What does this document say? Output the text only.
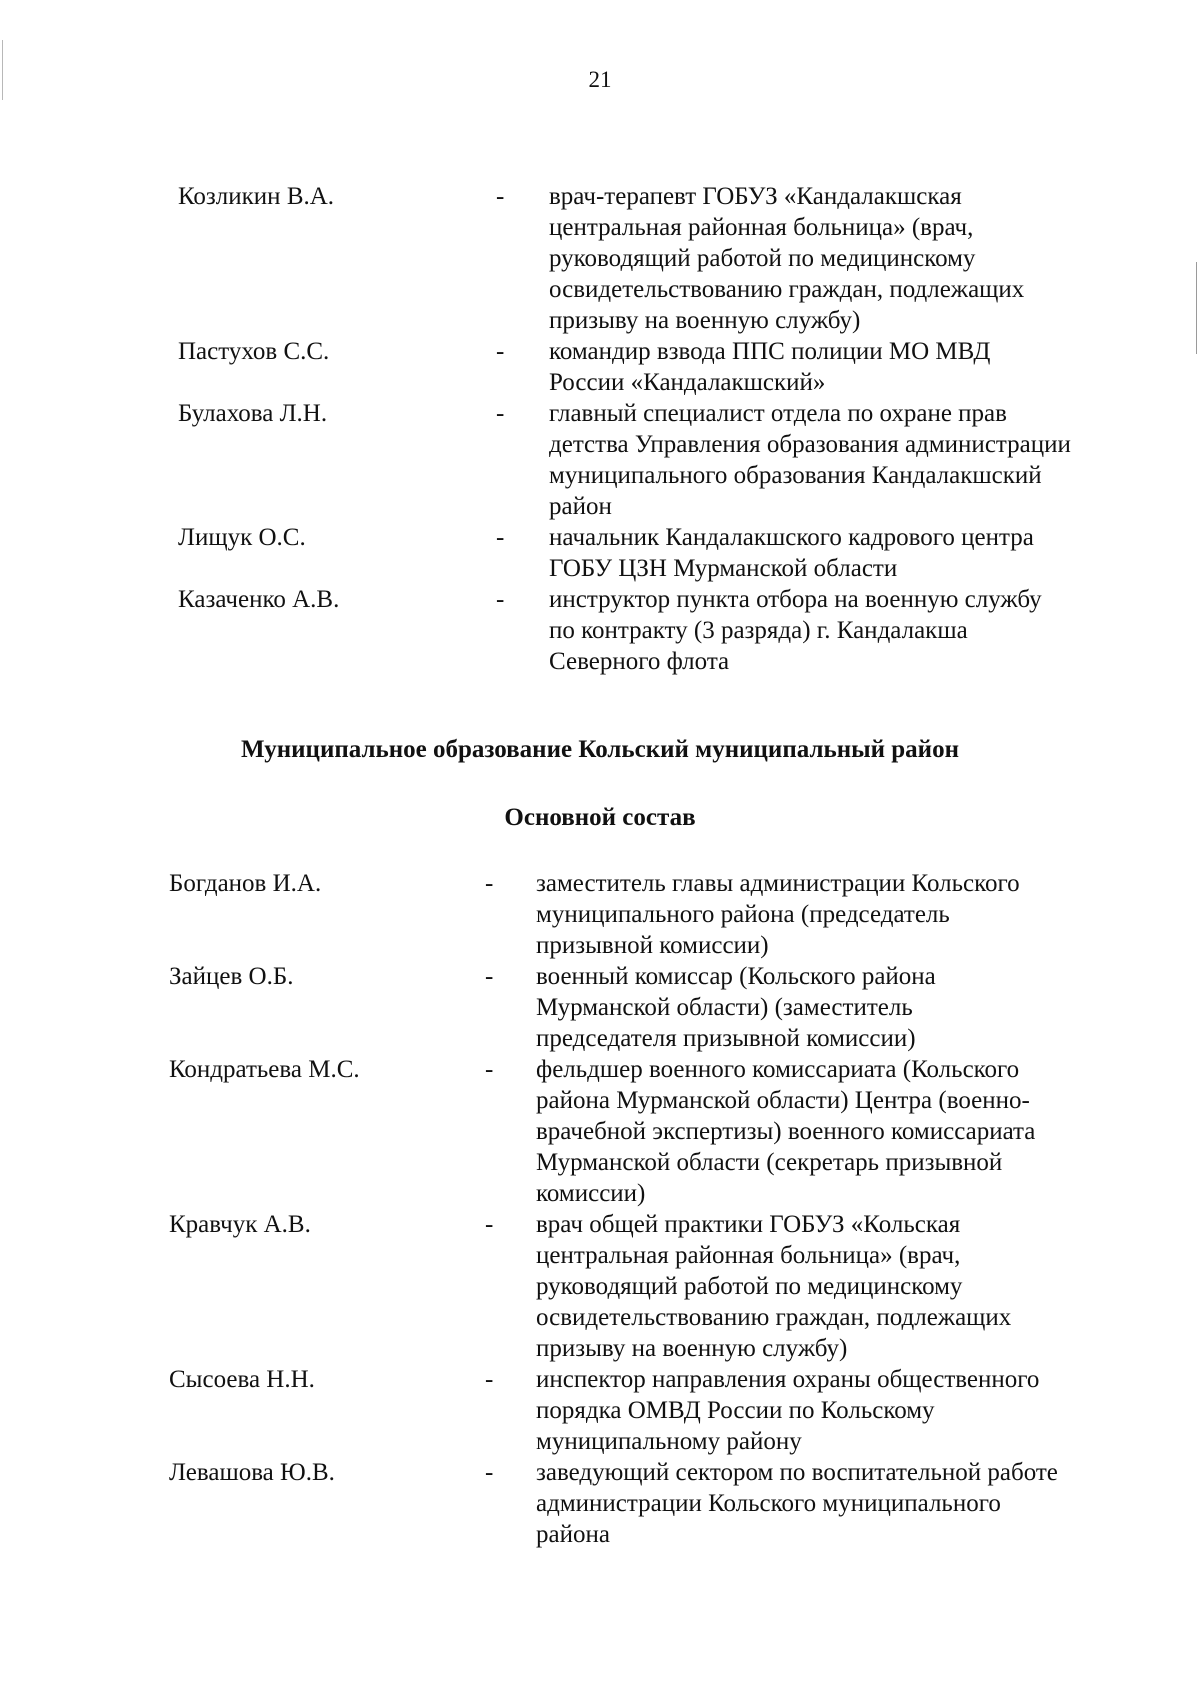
21
Козликин В.А.	- врач-терапевт ГОБУЗ «Кандалакшская
центральная районная больница» (врач,
руководящий работой по медицинскому
освидетельствованию граждан, подлежащих
призыву на военную службу)
Пастухов С.С.	- командир взвода ППС полиции МО МВД
России «Кандалакшский»
Булахова Л.Н.	- главный специалист отдела по охране прав
детства Управления образования администрации
муниципального образования Кандалакшский
район
Лищук О.С.	- начальник Кандалакшского кадрового центра
ГОБУ ЦЗН Мурманской области
Казаченко А.В.	- инструктор пункта отбора на военную службу
по контракту (3 разряда) г. Кандалакша
Северного флота
Муниципальное образование Кольский муниципальный район
Основной состав
Богданов И.А.	- заместитель главы администрации Кольского
муниципального района (председатель
призывной комиссии)
Зайцев О.Б.	- военный комиссар (Кольского района
Мурманской области) (заместитель
председателя призывной комиссии)
Кондратьева М.С.	- фельдшер военного комиссариата (Кольского
района Мурманской области) Центра (военно-
врачебной экспертизы) военного комиссариата
Мурманской области (секретарь призывной
комиссии)
Кравчук А.В.	- врач общей практики ГОБУЗ «Кольская
центральная районная больница» (врач,
руководящий работой по медицинскому
освидетельствованию граждан, подлежащих
призыву на военную службу)
Сысоева Н.Н.	- инспектор направления охраны общественного
порядка ОМВД России по Кольскому
муниципальному району
Левашова Ю.В.	- заведующий сектором по воспитательной работе
администрации Кольского муниципального
района
